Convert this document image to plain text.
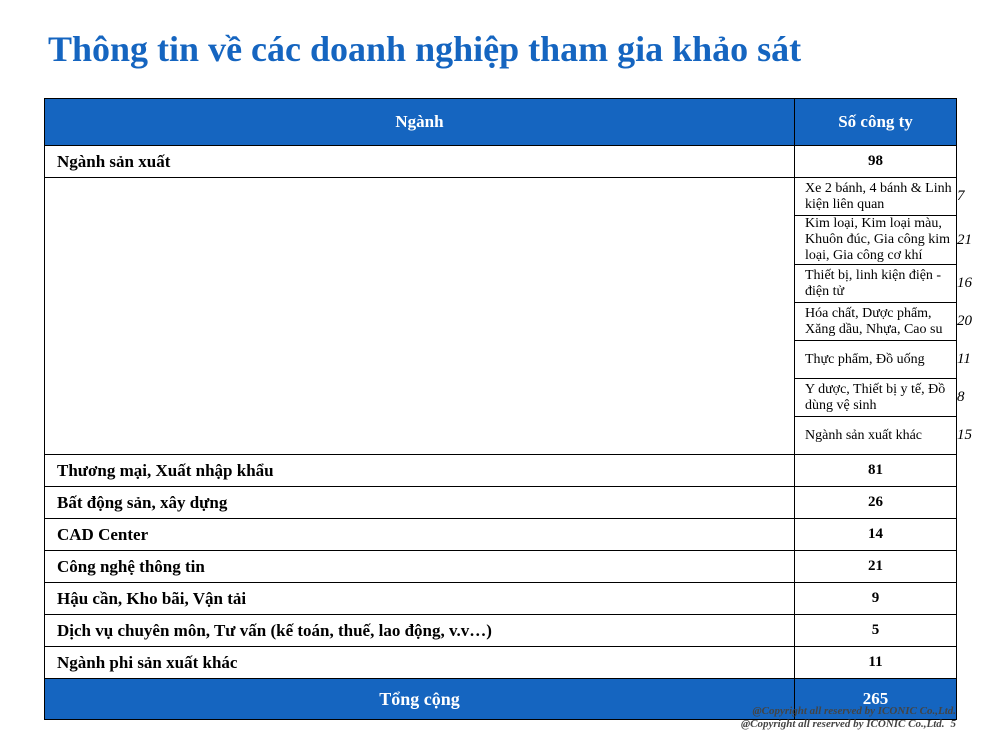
Thông tin về các doanh nghiệp tham gia khảo sát
Ngành	Số công ty	
Ngành sản xuất	98	
	Xe 2 bánh, 4 bánh & Linh kiện liên quan	7
	Kim loại, Kim loại màu, Khuôn đúc, Gia công kim loại, Gia công cơ khí	21
	Thiết bị, linh kiện điện - điện tử	16
	Hóa chất, Dược phẩm, Xăng dầu, Nhựa, Cao su	20
	Thực phẩm, Đồ uống	11
	Y dược, Thiết bị y tế, Đồ dùng vệ sinh	8
	Ngành sản xuất khác	15
Thương mại, Xuất nhập khẩu	81	
Bất động sản, xây dựng	26	
CAD Center	14	
Công nghệ thông tin	21	
Hậu cần, Kho bãi, Vận tải	9	
Dịch vụ chuyên môn, Tư vấn (kế toán, thuế, lao động, v.v…)	5	
Ngành phi sản xuất khác	11	
Tổng cộng	265	
@Copyright all reserved by ICONIC Co.,Ltd.
@Copyright all reserved by ICONIC Co.,Ltd. 5
